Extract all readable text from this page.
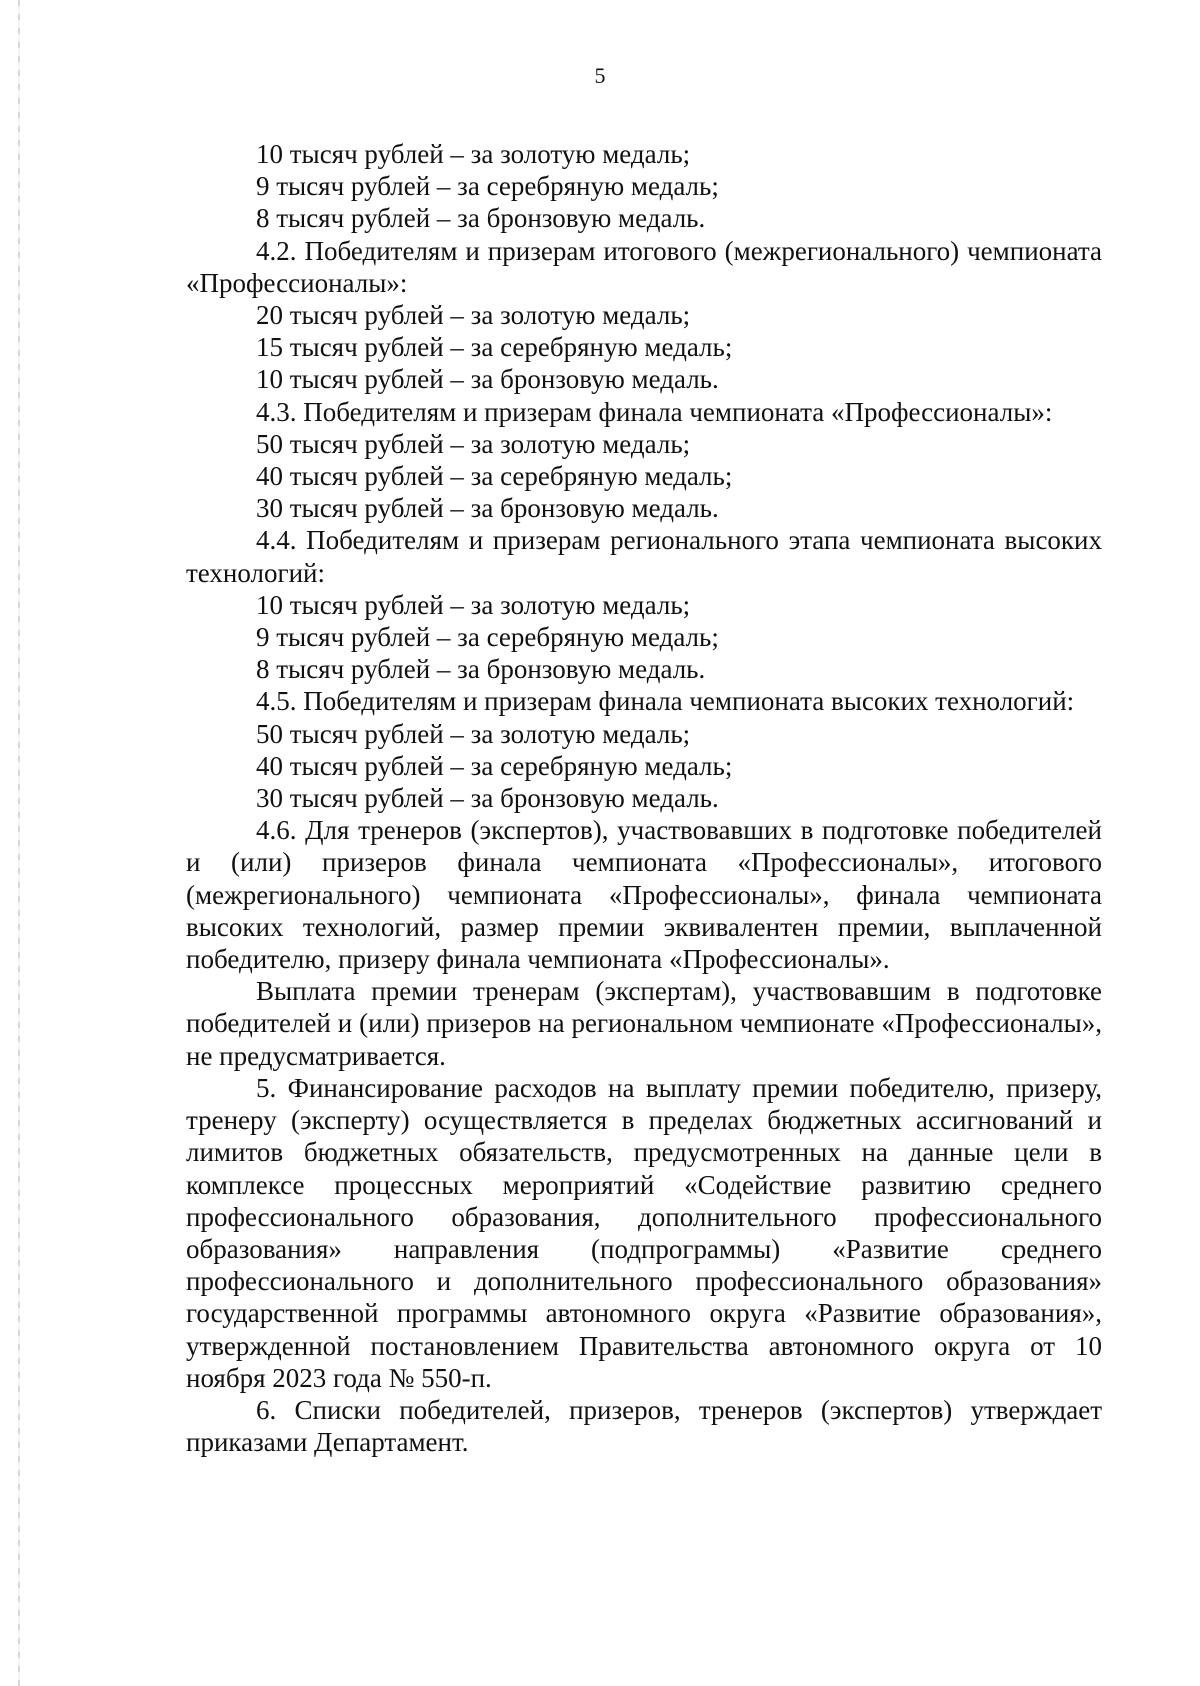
5

10 тысяч рублей – за золотую медаль;

9 тысяч рублей – за серебряную медаль;

8 тысяч рублей – за бронзовую медаль.

4.2. Победителям и призерам итогового (межрегионального) чемпионата «Профессионалы»:

20 тысяч рублей – за золотую медаль;

15 тысяч рублей – за серебряную медаль;

10 тысяч рублей – за бронзовую медаль.

4.3. Победителям и призерам финала чемпионата «Профессионалы»:

50 тысяч рублей – за золотую медаль;

40 тысяч рублей – за серебряную медаль;

30 тысяч рублей – за бронзовую медаль.

4.4. Победителям и призерам регионального этапа чемпионата высоких технологий:

10 тысяч рублей – за золотую медаль;

9 тысяч рублей – за серебряную медаль;

8 тысяч рублей – за бронзовую медаль.

4.5. Победителям и призерам финала чемпионата высоких технологий:

50 тысяч рублей – за золотую медаль;

40 тысяч рублей – за серебряную медаль;

30 тысяч рублей – за бронзовую медаль.

4.6. Для тренеров (экспертов), участвовавших в подготовке победителей и (или) призеров финала чемпионата «Профессионалы», итогового (межрегионального) чемпионата «Профессионалы», финала чемпионата высоких технологий, размер премии эквивалентен премии, выплаченной победителю, призеру финала чемпионата «Профессионалы».

Выплата премии тренерам (экспертам), участвовавшим в подготовке победителей и (или) призеров на региональном чемпионате «Профессионалы», не предусматривается.

5. Финансирование расходов на выплату премии победителю, призеру, тренеру (эксперту) осуществляется в пределах бюджетных ассигнований и лимитов бюджетных обязательств, предусмотренных на данные цели в комплексе процессных мероприятий «Содействие развитию среднего профессионального образования, дополнительного профессионального образования» направления (подпрограммы) «Развитие среднего профессионального и дополнительного профессионального образования» государственной программы автономного округа «Развитие образования», утвержденной постановлением Правительства автономного округа от 10 ноября 2023 года № 550-п.

6. Списки победителей, призеров, тренеров (экспертов) утверждает приказами Департамент.
